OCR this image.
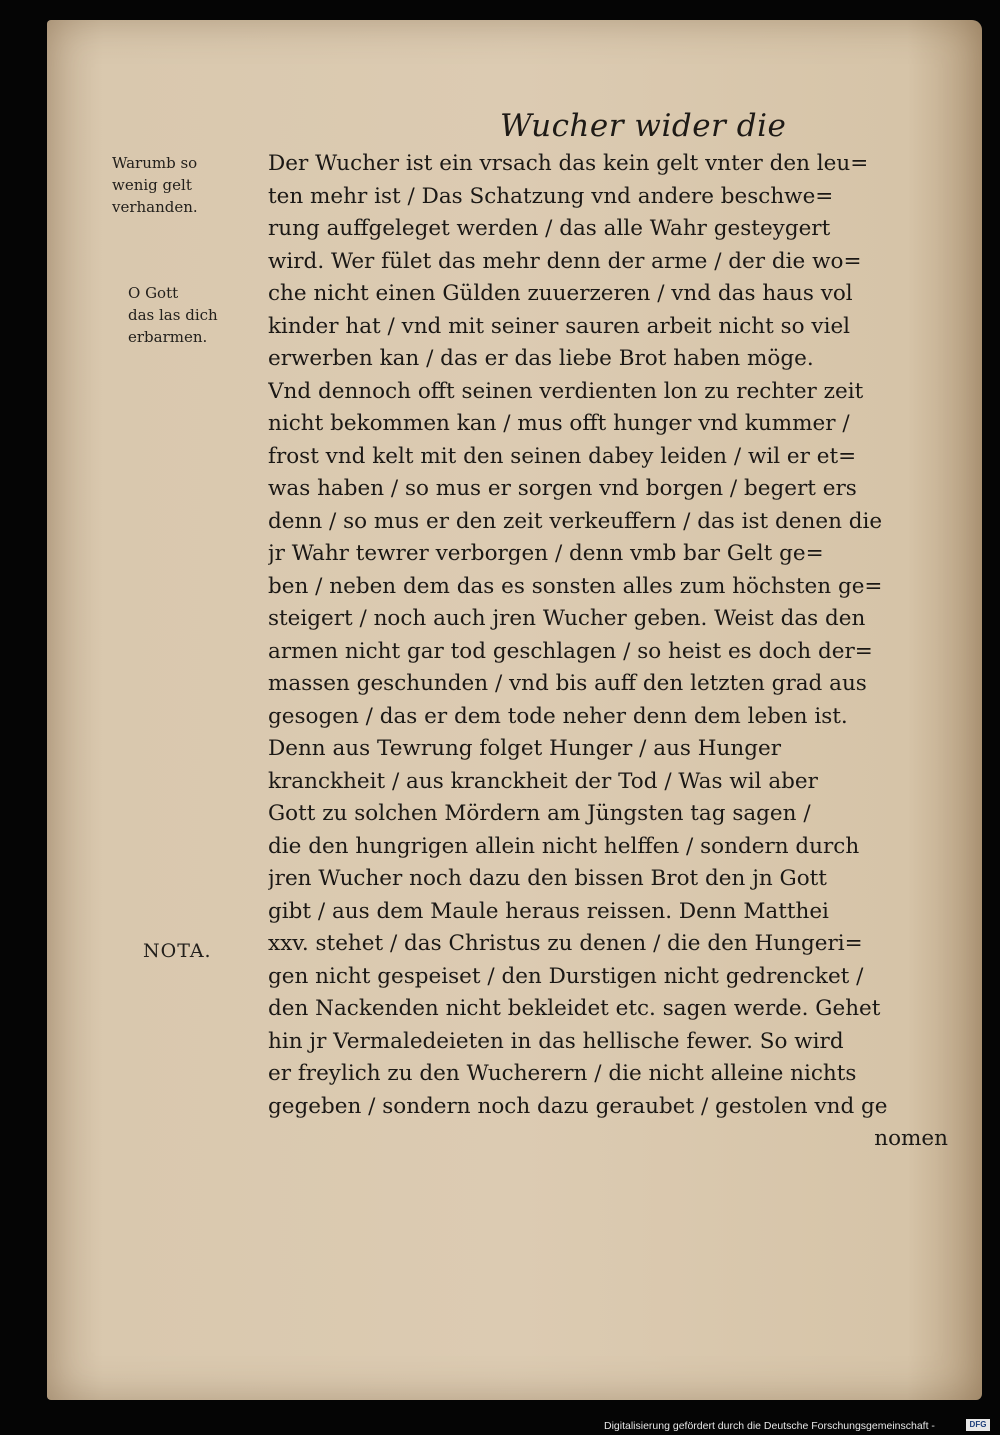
Wucher wider die
Warumb so
wenig gelt
verhanden.
O Gott
das las dich
erbarmen.
NOTA.
Der Wucher ist ein vrsach das kein gelt vnter den leu=
ten mehr ist / Das Schatzung vnd andere beschwe=
rung auffgeleget werden / das alle Wahr gesteygert
wird. Wer fület das mehr denn der arme / der die wo=
che nicht einen Gülden zuuerzeren / vnd das haus vol
kinder hat / vnd mit seiner sauren arbeit nicht so viel
erwerben kan / das er das liebe Brot haben möge.
Vnd dennoch offt seinen verdienten lon zu rechter zeit
nicht bekommen kan / mus offt hunger vnd kummer /
frost vnd kelt mit den seinen dabey leiden / wil er et=
was haben / so mus er sorgen vnd borgen / begert ers
denn / so mus er den zeit verkeuffern / das ist denen die
jr Wahr tewrer verborgen / denn vmb bar Gelt ge=
ben / neben dem das es sonsten alles zum höchsten ge=
steigert / noch auch jren Wucher geben. Weist das den
armen nicht gar tod geschlagen / so heist es doch der=
massen geschunden / vnd bis auff den letzten grad aus
gesogen / das er dem tode neher denn dem leben ist.
Denn aus Tewrung folget Hunger / aus Hunger
kranckheit / aus kranckheit der Tod / Was wil aber
Gott zu solchen Mördern am Jüngsten tag sagen /
die den hungrigen allein nicht helffen / sondern durch
jren Wucher noch dazu den bissen Brot den jn Gott
gibt / aus dem Maule heraus reissen. Denn Matthei
xxv. stehet / das Christus zu denen / die den Hungeri=
gen nicht gespeiset / den Durstigen nicht gedrencket /
den Nackenden nicht bekleidet etc. sagen werde. Gehet
hin jr Vermaledeieten in das hellische fewer. So wird
er freylich zu den Wucherern / die nicht alleine nichts
gegeben / sondern noch dazu geraubet / gestolen vnd ge
nomen
Digitalisierung gefördert durch die Deutsche Forschungsgemeinschaft -	DFG
